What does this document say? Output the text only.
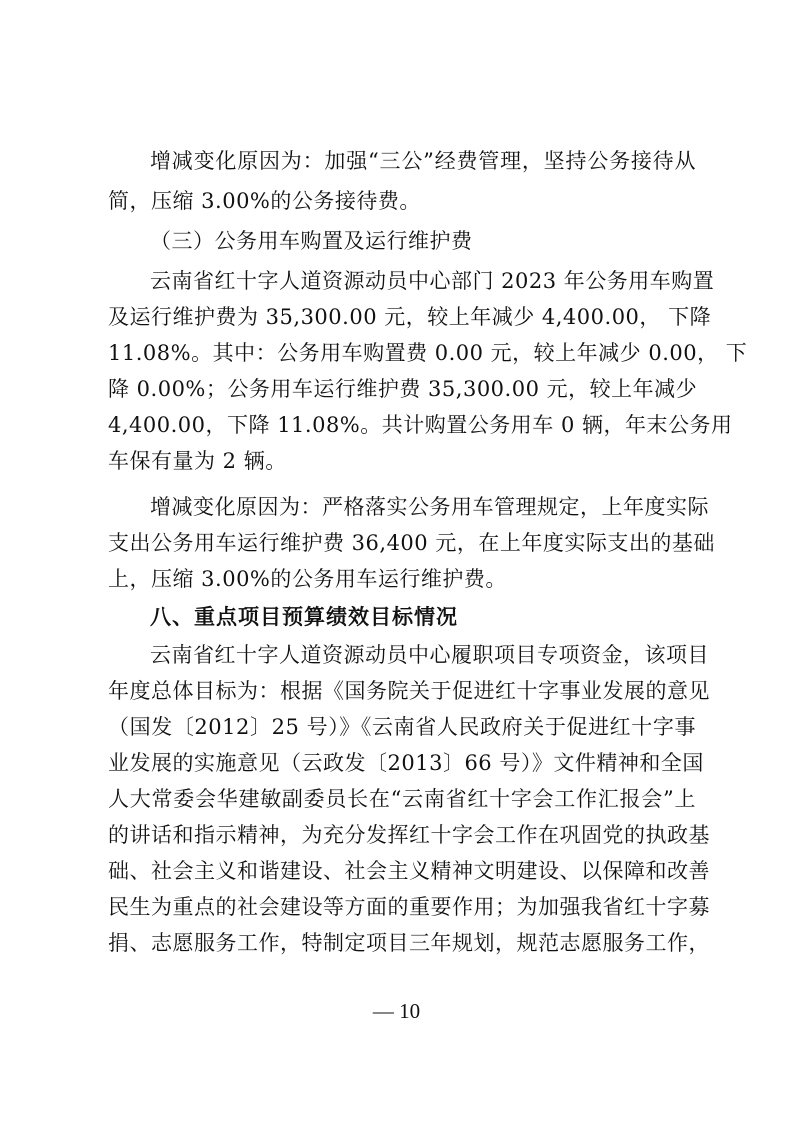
增减变化原因为：加强“三公”经费管理，坚持公务接待从
简，压缩 3.00%的公务接待费。
（三）公务用车购置及运行维护费
云南省红十字人道资源动员中心部门 2023 年公务用车购置
及运行维护费为 35,300.00 元，较上年减少 4,400.00， 下降
11.08%。其中：公务用车购置费 0.00 元，较上年减少 0.00， 下
降 0.00%；公务用车运行维护费 35,300.00 元，较上年减少
4,400.00，下降 11.08%。共计购置公务用车 0 辆，年末公务用
车保有量为 2 辆。
增减变化原因为：严格落实公务用车管理规定，上年度实际
支出公务用车运行维护费 36,400 元，在上年度实际支出的基础
上，压缩 3.00%的公务用车运行维护费。
八、重点项目预算绩效目标情况
云南省红十字人道资源动员中心履职项目专项资金，该项目
年度总体目标为：根据《国务院关于促进红十字事业发展的意见
（国发〔2012〕25 号）》《云南省人民政府关于促进红十字事
业发展的实施意见（云政发〔2013〕66 号）》文件精神和全国
人大常委会华建敏副委员长在“云南省红十字会工作汇报会”上
的讲话和指示精神，为充分发挥红十字会工作在巩固党的执政基
础、社会主义和谐建设、社会主义精神文明建设、以保障和改善
民生为重点的社会建设等方面的重要作用；为加强我省红十字募
捐、志愿服务工作，特制定项目三年规划，规范志愿服务工作，
— 10
